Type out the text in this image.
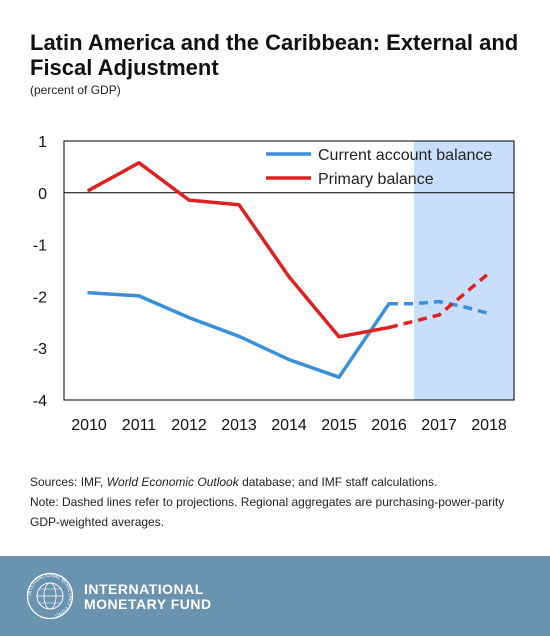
Latin America and the Caribbean: External and Fiscal Adjustment
(percent of GDP)
1
0
-1
-2
-3
-4
2010 2011 2012 2013 2014 2015 2016 2017 2018
Current account balance
Primary balance
Sources: IMF, World Economic Outlook database; and IMF staff calculations.
Note: Dashed lines refer to projections. Regional aggregates are purchasing-power-parity GDP-weighted averages.
INTERNATIONAL MONETARY FUND
INTERNATIONAL
MONETARY FUND
